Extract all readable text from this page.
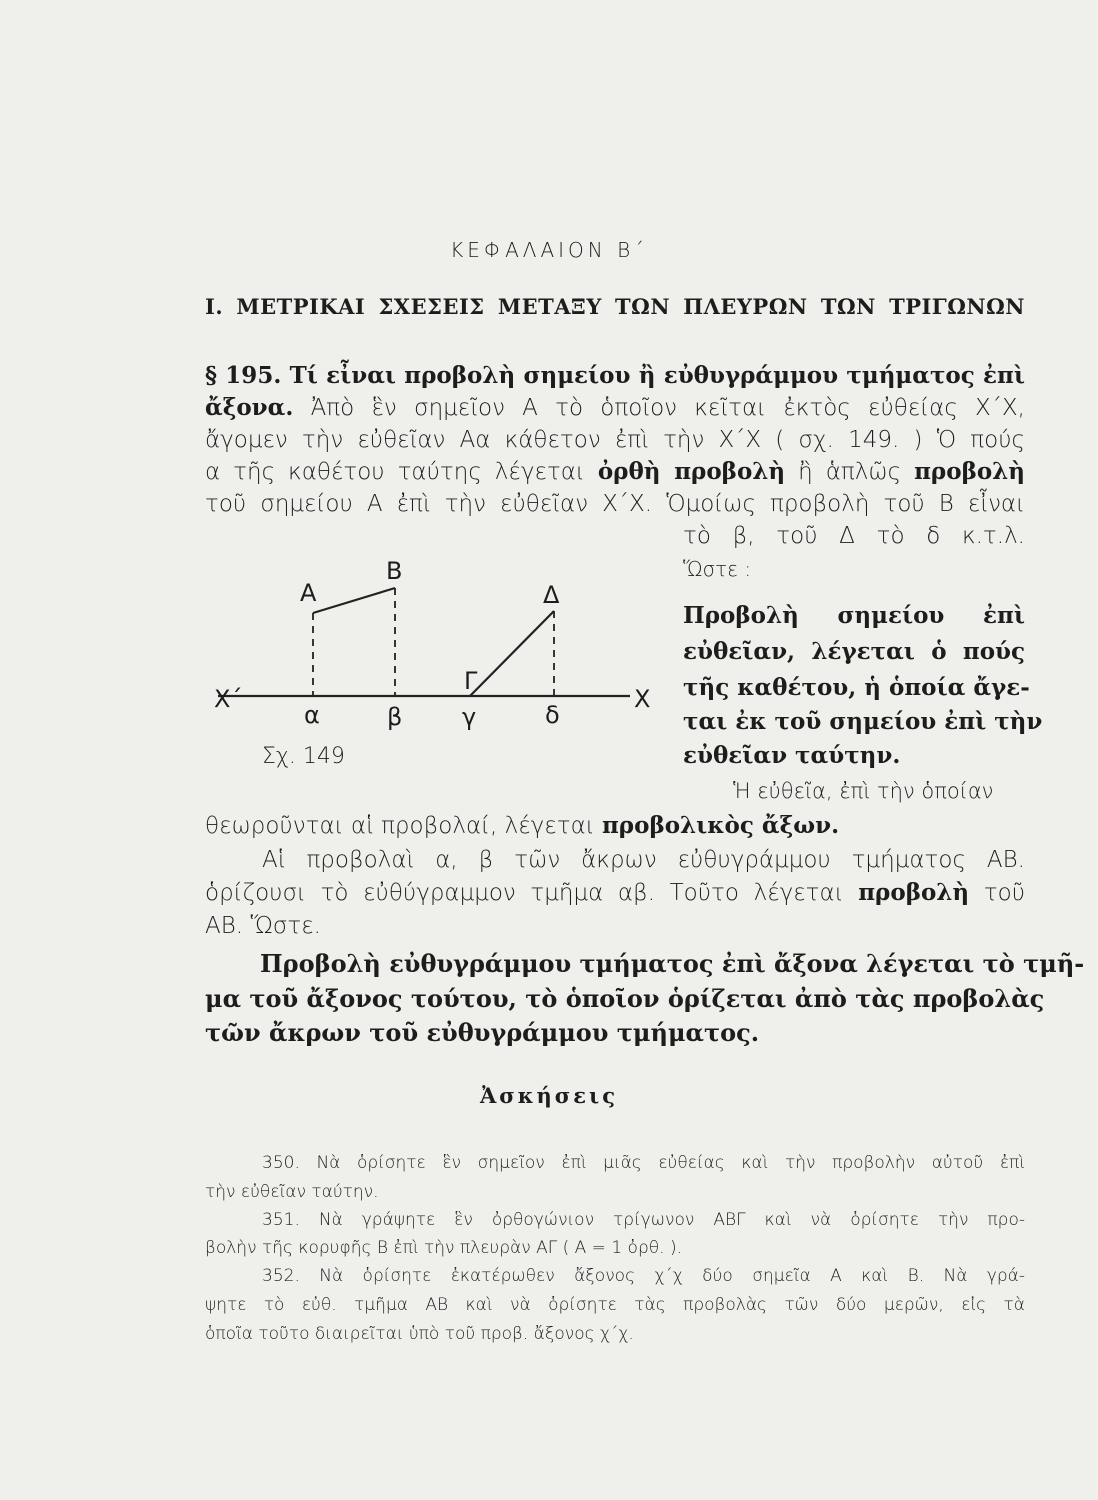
ΚΕΦΑΛΑΙΟΝ Β΄
Ι. ΜΕΤΡΙΚΑΙ ΣΧΕΣΕΙΣ ΜΕΤΑΞΥ ΤΩΝ ΠΛΕΥΡΩΝ ΤΩΝ ΤΡΙΓΩΝΩΝ
§ 195. Τί εἶναι προβολὴ σημείου ἢ εὐθυγράμμου τμήματος ἐπὶ
ἄξονα. Ἀπὸ ἓν σημεῖον Α τὸ ὁποῖον κεῖται ἐκτὸς εὐθείας Χ΄Χ,
ἄγομεν τὴν εὐθεῖαν Αα κάθετον ἐπὶ τὴν Χ΄Χ ( σχ. 149. ) Ὁ πούς
α τῆς καθέτου ταύτης λέγεται ὀρθὴ προβολὴ ἢ ἁπλῶς προβολὴ
τοῦ σημείου Α ἐπὶ τὴν εὐθεῖαν Χ΄Χ. Ὁμοίως προβολὴ τοῦ Β εἶναι
τὸ β, τοῦ Δ τὸ δ κ.τ.λ.
Ὥστε :
Α
Β
Δ
Γ
Χ΄	Χ
α	β γ	δ
Σχ. 149
Προβολὴ σημείου ἐπὶ
εὐθεῖαν, λέγεται ὁ πούς
τῆς καθέτου, ἡ ὁποία ἄγε-
ται ἐκ τοῦ σημείου ἐπὶ τὴν
εὐθεῖαν ταύτην.
Ἡ εὐθεῖα, ἐπὶ τὴν ὁποίαν
θεωροῦνται αἱ προβολαί, λέγεται προβολικὸς ἄξων.
Αἱ προβολαὶ α, β τῶν ἄκρων εὐθυγράμμου τμήματος ΑΒ.
ὁρίζουσι τὸ εὐθύγραμμον τμῆμα αβ. Τοῦτο λέγεται προβολὴ τοῦ
ΑΒ. Ὥστε.
Προβολὴ εὐθυγράμμου τμήματος ἐπὶ ἄξονα λέγεται τὸ τμῆ-
μα τοῦ ἄξονος τούτου, τὸ ὁποῖον ὁρίζεται ἀπὸ τὰς προβολὰς
τῶν ἄκρων τοῦ εὐθυγράμμου τμήματος.
Ἀσκήσεις
350. Νὰ ὁρίσητε ἓν σημεῖον ἐπὶ μιᾶς εὐθείας καὶ τὴν προβολὴν αὐτοῦ ἐπὶ
τὴν εὐθεῖαν ταύτην.
351. Νὰ γράψητε ἓν ὀρθογώνιον τρίγωνον ΑΒΓ καὶ νὰ ὁρίσητε τὴν προ-
βολὴν τῆς κορυφῆς Β ἐπὶ τὴν πλευρὰν ΑΓ ( Α = 1 ὀρθ. ).
352. Νὰ ὁρίσητε ἑκατέρωθεν ἄξονος χ΄χ δύο σημεῖα Α καὶ Β. Νὰ γρά-
ψητε τὸ εὐθ. τμῆμα ΑΒ καὶ νὰ ὁρίσητε τὰς προβολὰς τῶν δύο μερῶν, εἰς τὰ
ὁποῖα τοῦτο διαιρεῖται ὑπὸ τοῦ προβ. ἄξονος χ΄χ.
